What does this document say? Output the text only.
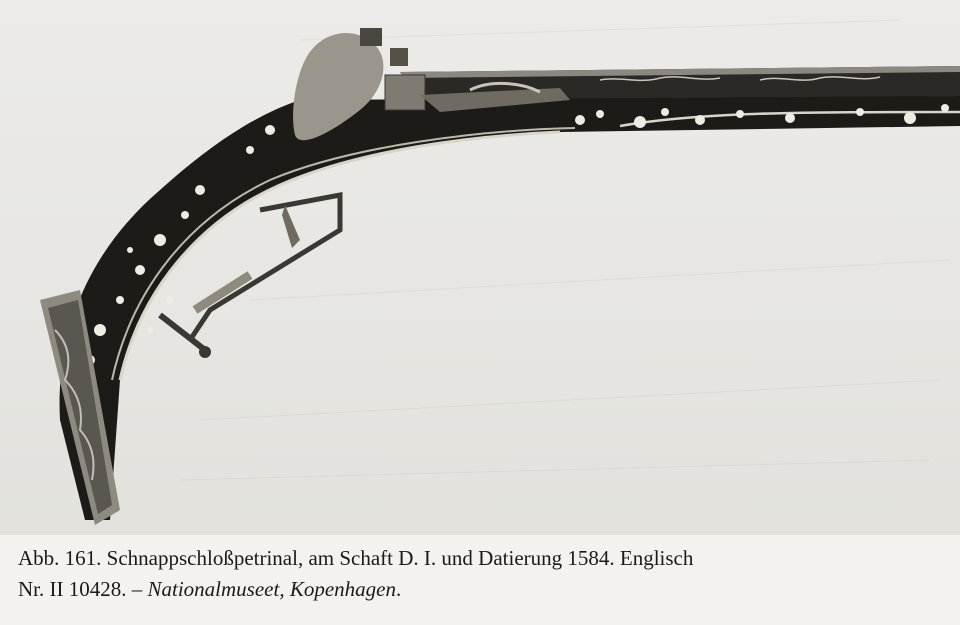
Abb. 161. Schnappschloßpetrinal, am Schaft D. I. und Datierung 1584. Englisch
Nr. II 10428. – Nationalmuseet, Kopenhagen.
